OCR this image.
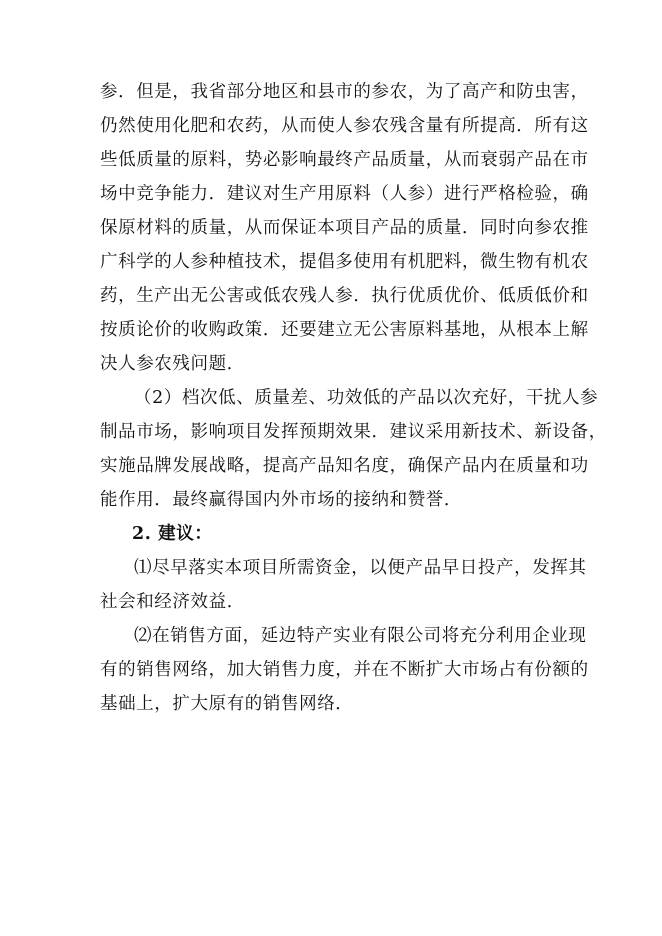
参．但是，我省部分地区和县市的参农，为了高产和防虫害，
仍然使用化肥和农药，从而使人参农残含量有所提高．所有这
些低质量的原料，势必影响最终产品质量，从而衰弱产品在市
场中竞争能力．建议对生产用原料（人参）进行严格检验，确
保原材料的质量，从而保证本项目产品的质量．同时向参农推
广科学的人参种植技术，提倡多使用有机肥料，微生物有机农
药，生产出无公害或低农残人参．执行优质优价、低质低价和
按质论价的收购政策．还要建立无公害原料基地，从根本上解
决人参农残问题．
（2）档次低、质量差、功效低的产品以次充好，干扰人参
制品市场，影响项目发挥预期效果．建议采用新技术、新设备，
实施品牌发展战略，提高产品知名度，确保产品内在质量和功
能作用．最终赢得国内外市场的接纳和赞誉．
2. 建议：
⑴尽早落实本项目所需资金，以便产品早日投产，发挥其
社会和经济效益．
⑵在销售方面，延边特产实业有限公司将充分利用企业现
有的销售网络，加大销售力度，并在不断扩大市场占有份额的
基础上，扩大原有的销售网络．
